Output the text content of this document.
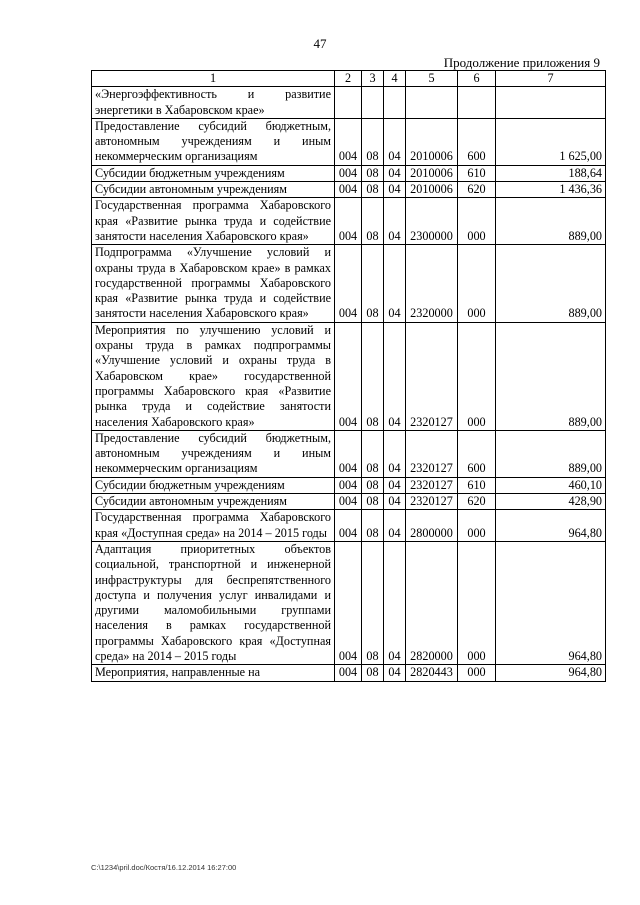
47
Продолжение приложения 9
1	2	3	4	5	6	7
«Энергоэффективность и развитие энергетики в Хабаровском крае»						
Предоставление субсидий бюджетным, автономным учреждениям и иным некоммерческим организациям	004	08	04	2010006	600	1 625,00
Субсидии бюджетным учреждениям	004	08	04	2010006	610	188,64
Субсидии автономным учреждениям	004	08	04	2010006	620	1 436,36
Государственная программа Хабаровского края «Развитие рынка труда и содействие занятости населения Хабаровского края»	004	08	04	2300000	000	889,00
Подпрограмма «Улучшение условий и охраны труда в Хабаровском крае» в рамках государственной программы Хабаровского края «Развитие рынка труда и содействие занятости населения Хабаровского края»	004	08	04	2320000	000	889,00
Мероприятия по улучшению условий и охраны труда в рамках подпрограммы «Улучшение условий и охраны труда в Хабаровском крае» государственной программы Хабаровского края «Развитие рынка труда и содействие занятости населения Хабаровского края»	004	08	04	2320127	000	889,00
Предоставление субсидий бюджетным, автономным учреждениям и иным некоммерческим организациям	004	08	04	2320127	600	889,00
Субсидии бюджетным учреждениям	004	08	04	2320127	610	460,10
Субсидии автономным учреждениям	004	08	04	2320127	620	428,90
Государственная программа Хабаровского края «Доступная среда» на 2014 – 2015 годы	004	08	04	2800000	000	964,80
Адаптация приоритетных объектов социальной, транспортной и инженерной инфраструктуры для беспрепятственного доступа и получения услуг инвалидами и другими маломобильными группами населения в рамках государственной программы Хабаровского края «Доступная среда» на 2014 – 2015 годы	004	08	04	2820000	000	964,80
Мероприятия, направленные на	004	08	04	2820443	000	964,80
C:\1234\pril.doc/Костя/16.12.2014 16:27:00
